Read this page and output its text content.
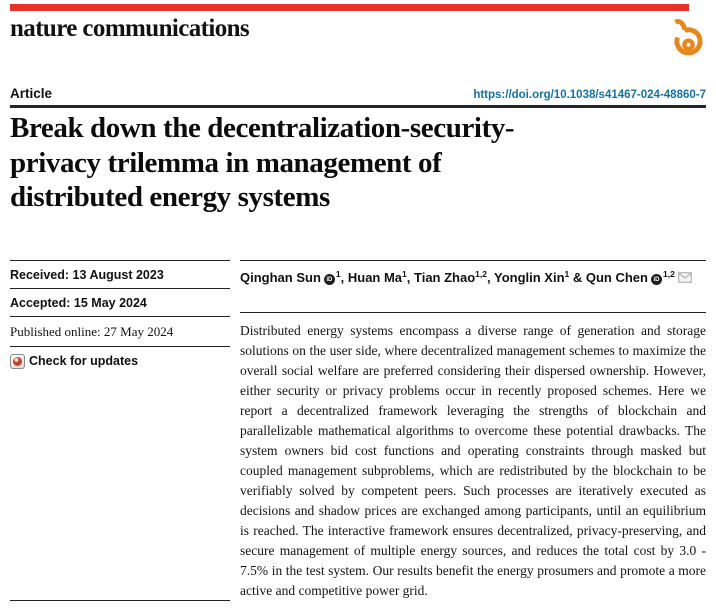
nature communications
Article	https://doi.org/10.1038/s41467-024-48860-7
Break down the decentralization-security-
privacy trilemma in management of
distributed energy systems
Received: 13 August 2023
Accepted: 15 May 2024
Published online: 27 May 2024
Check for updates
Qinghan Sun $iD^1$, Huan Ma$^1$, Tian Zhao$^{1,2}$, Yonglin Xin$^1$ & Qun Chen iD$^{1,2}$

Distributed energy systems encompass a diverse range of generation and storage solutions on the user side, where decentralized management schemes to maximize the overall social welfare are preferred considering their dispersed ownership. However, either security or privacy problems occur in recently proposed schemes. Here we report a decentralized framework leveraging the strengths of blockchain and parallelizable mathematical algorithms to overcome these potential drawbacks. The system owners bid cost functions and operating constraints through masked but coupled management subproblems, which are redistributed by the blockchain to be verifiably solved by competent peers. Such processes are iteratively executed as decisions and shadow prices are exchanged among participants, until an equilibrium is reached. The interactive framework ensures decentralized, privacy-preserving, and secure management of multiple energy sources, and reduces the total cost by 3.0 - 7.5% in the test system. Our results benefit the energy prosumers and promote a more active and competitive power grid.
